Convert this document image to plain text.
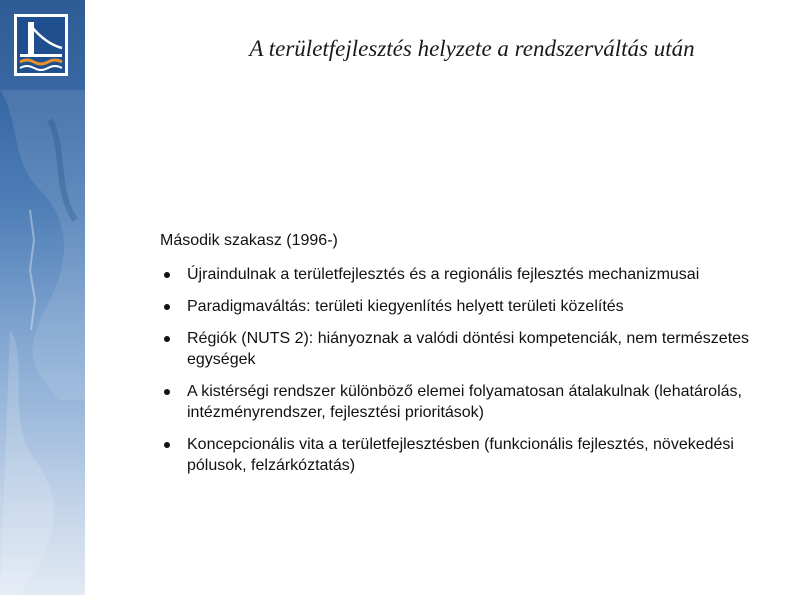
A területfejlesztés helyzete a rendszerváltás után
Második szakasz (1996-)
Újraindulnak a területfejlesztés és a regionális fejlesztés mechanizmusai
Paradigmaváltás: területi kiegyenlítés helyett területi közelítés
Régiók (NUTS 2): hiányoznak a valódi döntési kompetenciák, nem természetes egységek
A kistérségi rendszer különböző elemei folyamatosan átalakulnak (lehatárolás, intézményrendszer, fejlesztési prioritások)
Koncepcionális vita a területfejlesztésben (funkcionális fejlesztés, növekedési pólusok, felzárkóztatás)
